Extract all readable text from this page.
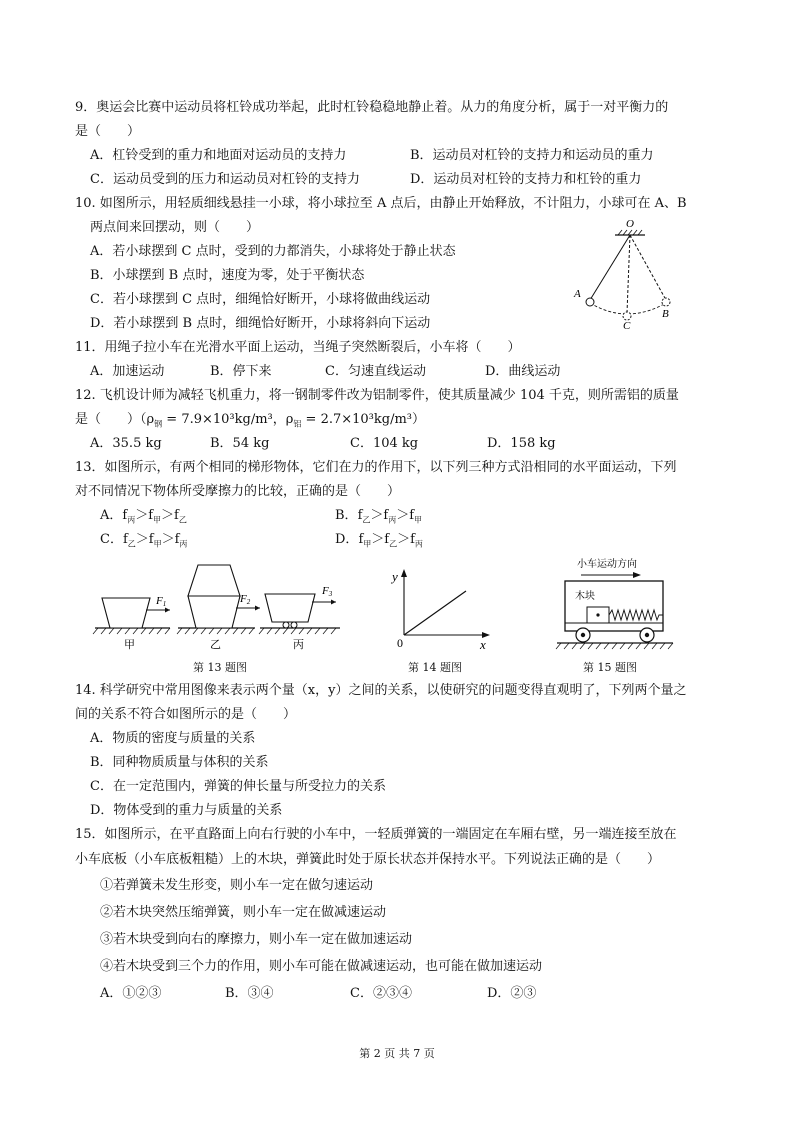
9．奥运会比赛中运动员将杠铃成功举起，此时杠铃稳稳地静止着。从力的角度分析，属于一对平衡力的
是（　　）
A．杠铃受到的重力和地面对运动员的支持力	B．运动员对杠铃的支持力和运动员的重力
C．运动员受到的压力和运动员对杠铃的支持力	D．运动员对杠铃的支持力和杠铃的重力
10. 如图所示，用轻质细线悬挂一小球，将小球拉至 A 点后，由静止开始释放，不计阻力，小球可在 A、B
两点间来回摆动，则（　　）
A．若小球摆到 C 点时，受到的力都消失，小球将处于静止状态
B．小球摆到 B 点时，速度为零，处于平衡状态
C．若小球摆到 C 点时，细绳恰好断开，小球将做曲线运动
D．若小球摆到 B 点时，细绳恰好断开，小球将斜向下运动
O
A
B
C
11．用绳子拉小车在光滑水平面上运动，当绳子突然断裂后，小车将（　　）
A．加速运动	B．停下来	C．匀速直线运动	D．曲线运动
12. 飞机设计师为减轻飞机重力，将一钢制零件改为铝制零件，使其质量减少 104 千克，则所需铝的质量
是（　　）（$\rho_钢 = 7.9\times 10^3kg/m^3$，$\rho_铝 = 2.7\times 10^3kg/m^3$）
A．35.5 kg	B．54 kg	C．104 kg	D．158 kg
13．如图所示，有两个相同的梯形物体，它们在力的作用下，以下列三种方式沿相同的水平面运动，下列
对不同情况下物体所受摩擦力的比较，正确的是（　　）
A．$f_丙>f_甲>f_乙$	B．$f_乙>f_丙>f_甲$
C．$f_乙>f_甲>f_丙$	D．$f_甲>f_乙>f_丙$
F1
甲
F2
乙
F3
丙
第 13 题图
y
x
0
第 14 题图
小车运动方向
木块
第 15 题图
14. 科学研究中常用图像来表示两个量（x，y）之间的关系，以使研究的问题变得直观明了，下列两个量之
间的关系不符合如图所示的是（　　）
A．物质的密度与质量的关系
B．同种物质质量与体积的关系
C．在一定范围内，弹簧的伸长量与所受拉力的关系
D．物体受到的重力与质量的关系
15．如图所示，在平直路面上向右行驶的小车中，一轻质弹簧的一端固定在车厢右壁，另一端连接至放在
小车底板（小车底板粗糙）上的木块，弹簧此时处于原长状态并保持水平。下列说法正确的是（　　）
①若弹簧未发生形变，则小车一定在做匀速运动
②若木块突然压缩弹簧，则小车一定在做减速运动
③若木块受到向右的摩擦力，则小车一定在做加速运动
④若木块受到三个力的作用，则小车可能在做减速运动，也可能在做加速运动
A．①②③	B．③④	C．②③④	D．②③
第 2 页 共 7 页
